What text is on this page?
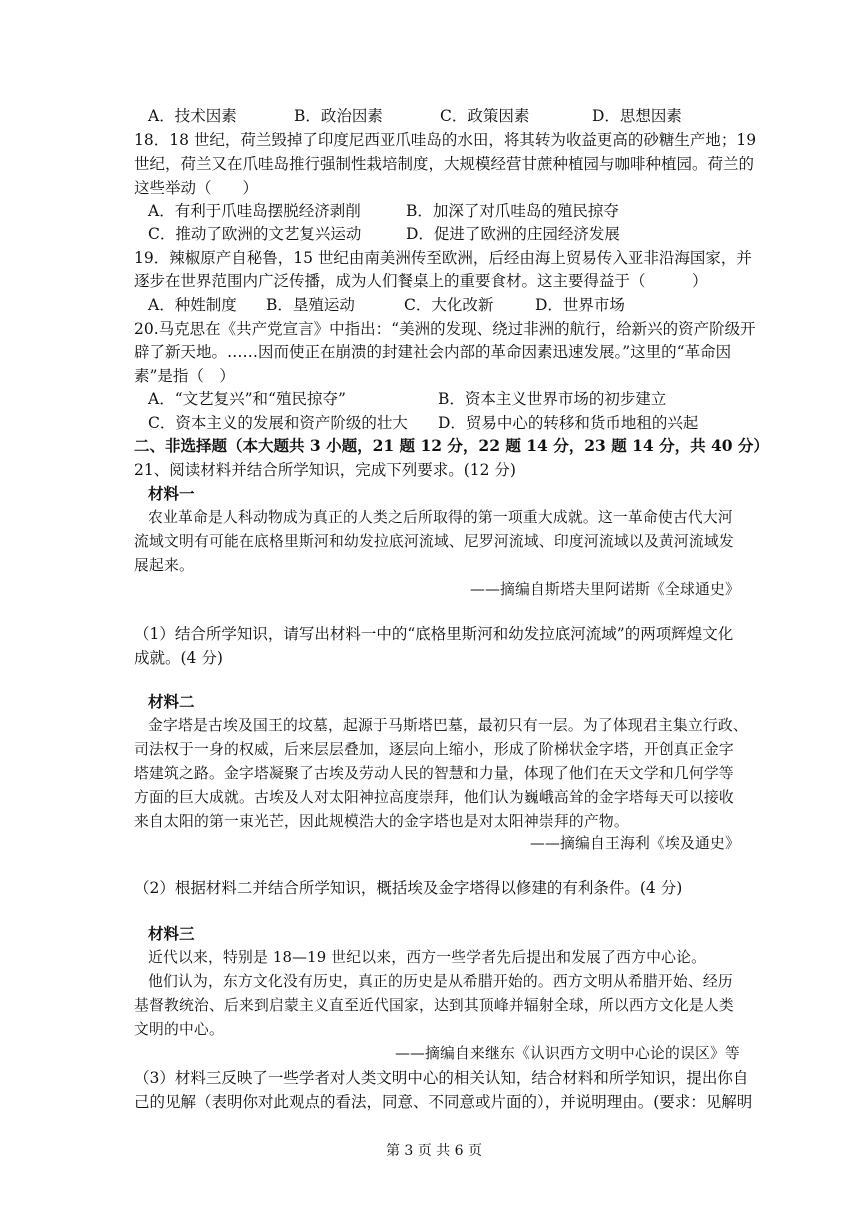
A．技术因素	B．政治因素	C．政策因素	D．思想因素
18．18 世纪，荷兰毁掉了印度尼西亚爪哇岛的水田，将其转为收益更高的砂糖生产地；19
世纪，荷兰又在爪哇岛推行强制性栽培制度，大规模经营甘蔗种植园与咖啡种植园。荷兰的
这些举动（　　）
A．有利于爪哇岛摆脱经济剥削	B．加深了对爪哇岛的殖民掠夺
C．推动了欧洲的文艺复兴运动	D．促进了欧洲的庄园经济发展
19．辣椒原产自秘鲁，15 世纪由南美洲传至欧洲，后经由海上贸易传入亚非沿海国家，并
逐步在世界范围内广泛传播，成为人们餐桌上的重要食材。这主要得益于（　　　）
A．种姓制度	B．垦殖运动	C．大化改新	D．世界市场
20.马克思在《共产党宣言》中指出：“美洲的发现、绕过非洲的航行，给新兴的资产阶级开
辟了新天地。……因而使正在崩溃的封建社会内部的革命因素迅速发展。”这里的“革命因
素”是指（　）
A．“文艺复兴”和“殖民掠夺”	B．资本主义世界市场的初步建立
C．资本主义的发展和资产阶级的壮大	D．贸易中心的转移和货币地租的兴起
二、非选择题（本大题共 3 小题，21 题 12 分，22 题 14 分，23 题 14 分，共 40 分）
21、阅读材料并结合所学知识，完成下列要求。(12 分)
材料一
农业革命是人科动物成为真正的人类之后所取得的第一项重大成就。这一革命使古代大河
流域文明有可能在底格里斯河和幼发拉底河流域、尼罗河流域、印度河流域以及黄河流域发
展起来。
——摘编自斯塔夫里阿诺斯《全球通史》
（1）结合所学知识，请写出材料一中的“底格里斯河和幼发拉底河流域”的两项辉煌文化
成就。(4 分)
材料二
金字塔是古埃及国王的坟墓，起源于马斯塔巴墓，最初只有一层。为了体现君主集立行政、
司法权于一身的权威，后来层层叠加，逐层向上缩小，形成了阶梯状金字塔，开创真正金字
塔建筑之路。金字塔凝聚了古埃及劳动人民的智慧和力量，体现了他们在天文学和几何学等
方面的巨大成就。古埃及人对太阳神拉高度崇拜，他们认为巍峨高耸的金字塔每天可以接收
来自太阳的第一束光芒，因此规模浩大的金字塔也是对太阳神崇拜的产物。
——摘编自王海利《埃及通史》
（2）根据材料二并结合所学知识，概括埃及金字塔得以修建的有利条件。(4 分)
材料三
近代以来，特别是 18—19 世纪以来，西方一些学者先后提出和发展了西方中心论。
他们认为，东方文化没有历史，真正的历史是从希腊开始的。西方文明从希腊开始、经历
基督教统治、后来到启蒙主义直至近代国家，达到其顶峰并辐射全球，所以西方文化是人类
文明的中心。
——摘编自来继东《认识西方文明中心论的误区》等
（3）材料三反映了一些学者对人类文明中心的相关认知，结合材料和所学知识，提出你自
己的见解（表明你对此观点的看法，同意、不同意或片面的），并说明理由。(要求：见解明
第 3 页 共 6 页
